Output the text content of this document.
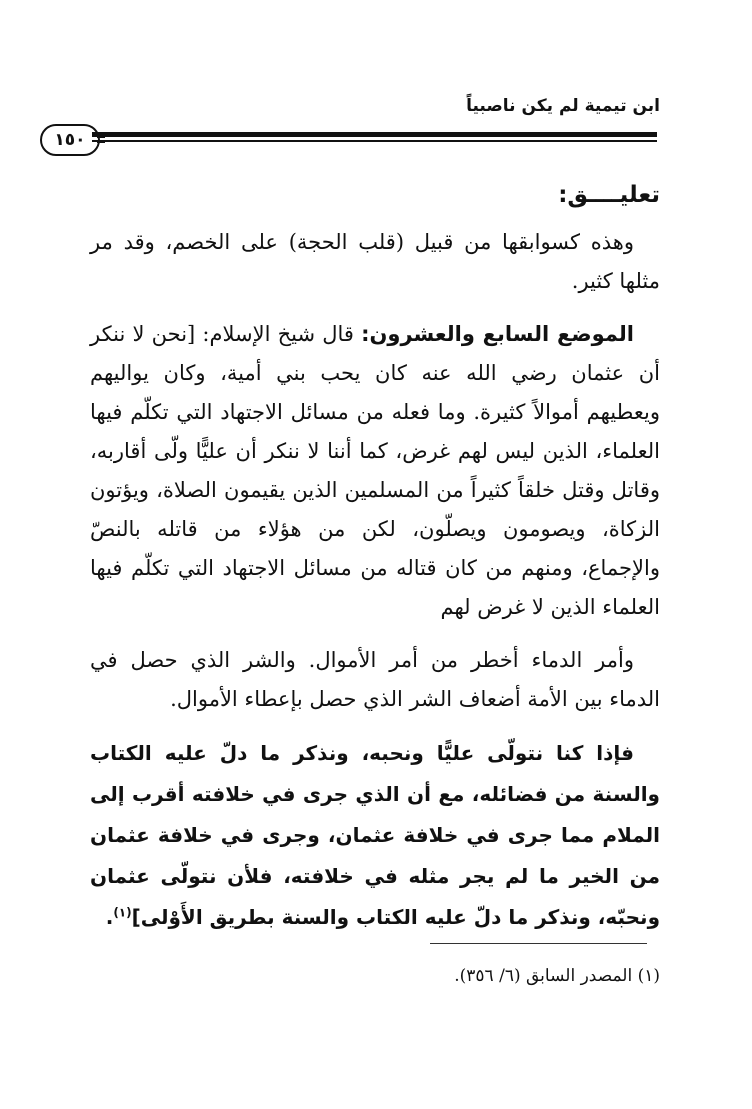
ابن تيمية لم يكن ناصبياً
١٥٠
تعليــــق:

وهذه كسوابقها من قبيل (قلب الحجة) على الخصم، وقد مر مثلها كثير.

الموضع السابع والعشرون: قال شيخ الإسلام: [نحن لا ننكر أن عثمان رضي الله عنه كان يحب بني أمية، وكان يواليهم ويعطيهم أموالاً كثيرة. وما فعله من مسائل الاجتهاد التي تكلّم فيها العلماء، الذين ليس لهم غرض، كما أننا لا ننكر أن عليًّا ولّى أقاربه، وقاتل وقتل خلقاً كثيراً من المسلمين الذين يقيمون الصلاة، ويؤتون الزكاة، ويصومون ويصلّون، لكن من هؤلاء من قاتله بالنصّ والإجماع، ومنهم من كان قتاله من مسائل الاجتهاد التي تكلّم فيها العلماء الذين لا غرض لهم

وأمر الدماء أخطر من أمر الأموال. والشر الذي حصل في الدماء بين الأمة أضعاف الشر الذي حصل بإعطاء الأموال.

فإذا كنا نتولّى عليًّا ونحبه، ونذكر ما دلّ عليه الكتاب والسنة من فضائله، مع أن الذي جرى في خلافته أقرب إلى الملام مما جرى في خلافة عثمان، وجرى في خلافة عثمان من الخير ما لم يجر مثله في خلافته، فلأن نتولّى عثمان ونحبّه، ونذكر ما دلّ عليه الكتاب والسنة بطريق الأَوْلى]$^{(١)}$.

(١) المصدر السابق (٦/ ٣٥٦).
